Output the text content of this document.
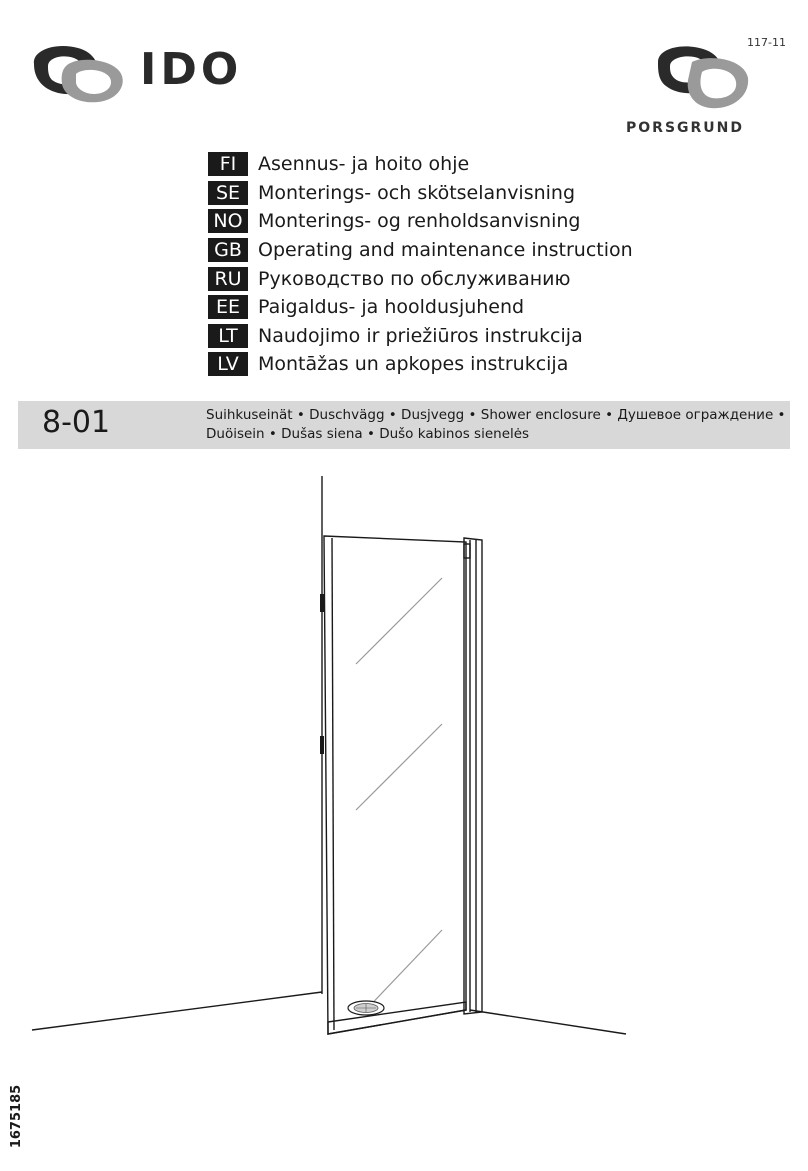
IDO
117-11
PORSGRUND
FI	Asennus- ja hoito ohje
SE Monterings- och skötselanvisning
NO Monterings- og renholdsanvisning
GB Operating and maintenance instruction
RU Руководство по обслуживанию
EE Paigaldus- ja hooldusjuhend
LT	Naudojimo ir priežiūros instrukcija
LV	Montāžas un apkopes instrukcija
8-01	Suihkuseinät • Duschvägg • Dusjvegg • Shower enclosure • Душевое ограждение •
Duöisein • Dušas siena • Dušo kabinos sienelės
1675185
